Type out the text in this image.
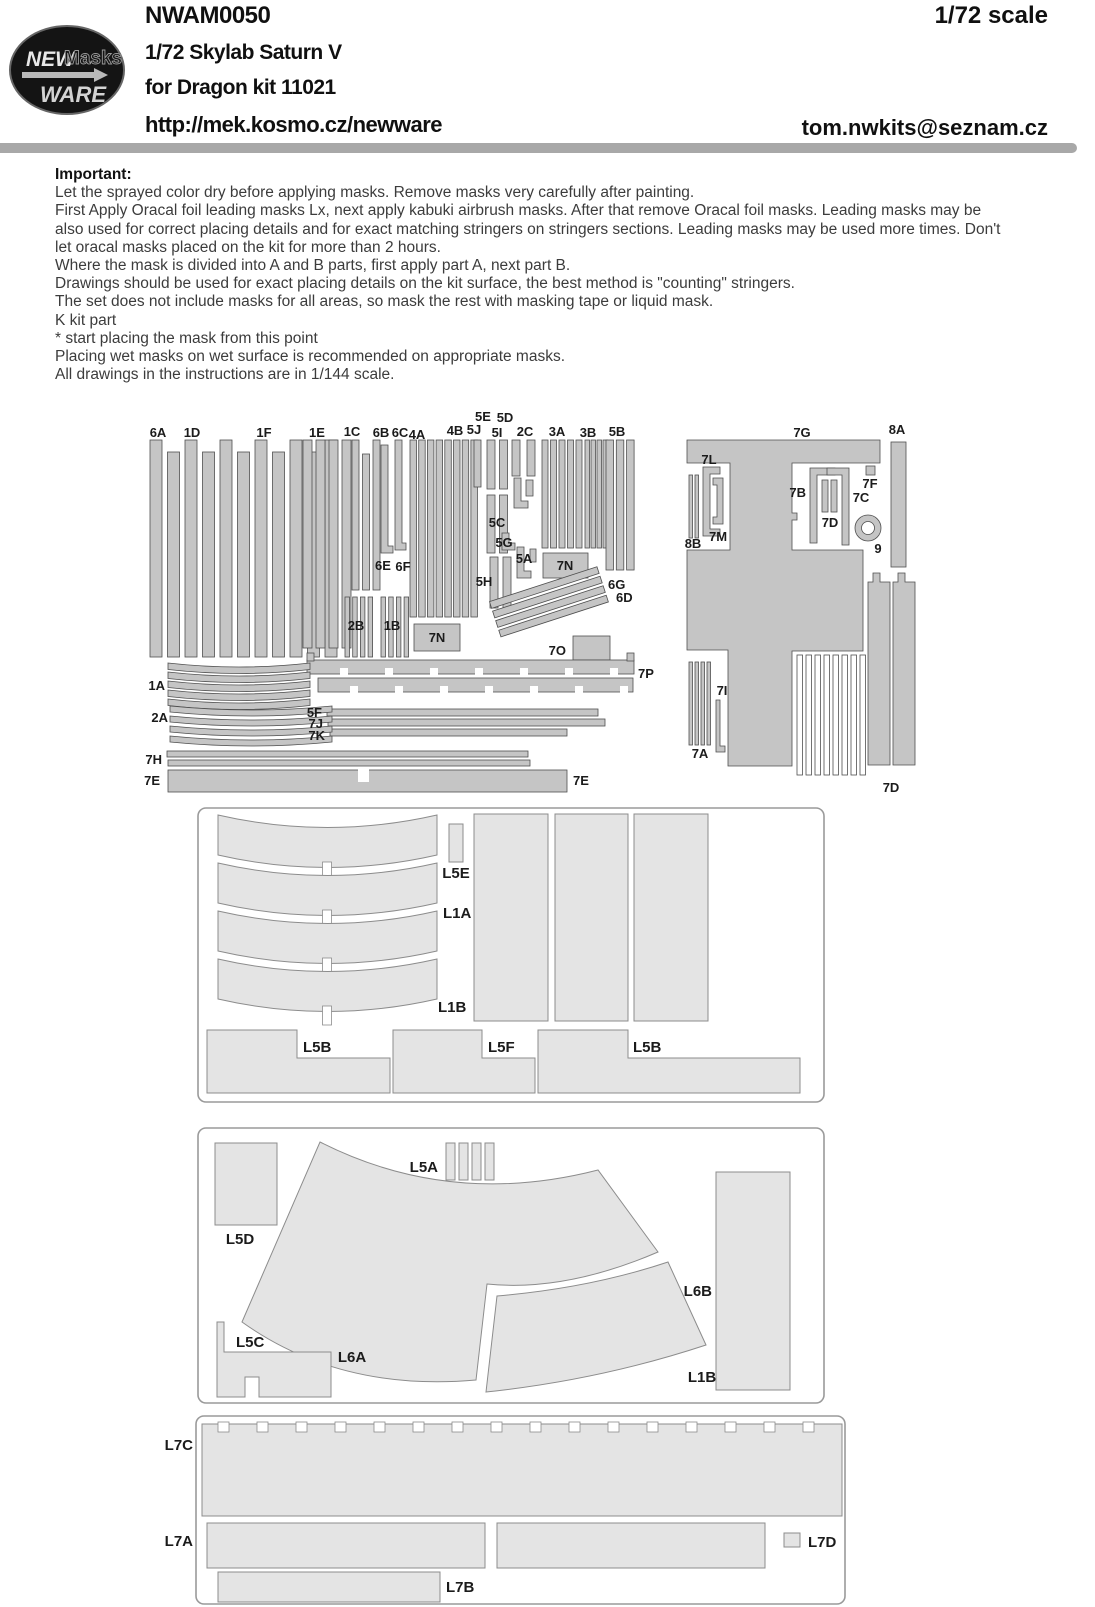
NEW
Masks
WARE
NWAM0050
1/72 Skylab Saturn V
for Dragon kit 11021
http://mek.kosmo.cz/newware
1/72 scale
tom.nwkits@seznam.cz
Important:
Let the sprayed color dry before applying masks. Remove masks very carefully after painting.
First Apply Oracal foil leading masks Lx, next apply kabuki airbrush masks. After that remove Oracal foil masks. Leading masks may be
also used for correct placing details and for exact matching stringers on stringers sections. Leading masks may be used more times. Don't
let oracal masks placed on the kit for more than 2 hours.
Where the mask is divided into A and B parts, first apply part A, next part B.
Drawings should be used for exact placing details on the kit surface, the best method is "counting" stringers.
The set does not include masks for all areas, so mask the rest with masking tape or liquid mask.
K kit part
* start placing the mask from this point
Placing wet masks on wet surface is recommended on appropriate masks.
All drawings in the instructions are in 1/144 scale.
6A 1D	1F	1E 1C 6B 6C 4A 4B 5J
5E 5D
5I 2C 3A 3B 5B	7G	8A
7L
8B 7M
7B
7F
7C
7D
9
6E 6F
5C
5G
5A
5H
7N
2B 1B
7N
6G
6D
7O
7P
1A
2A	5F
7J
7K
7H
7E	7E
7I
7A
7D
L5E
L1A
L1B
L5B	L5F	L5B
L5D
L5A
L6B
L1B
L6A
L5C
L7C
L7A	L7D
L7B
